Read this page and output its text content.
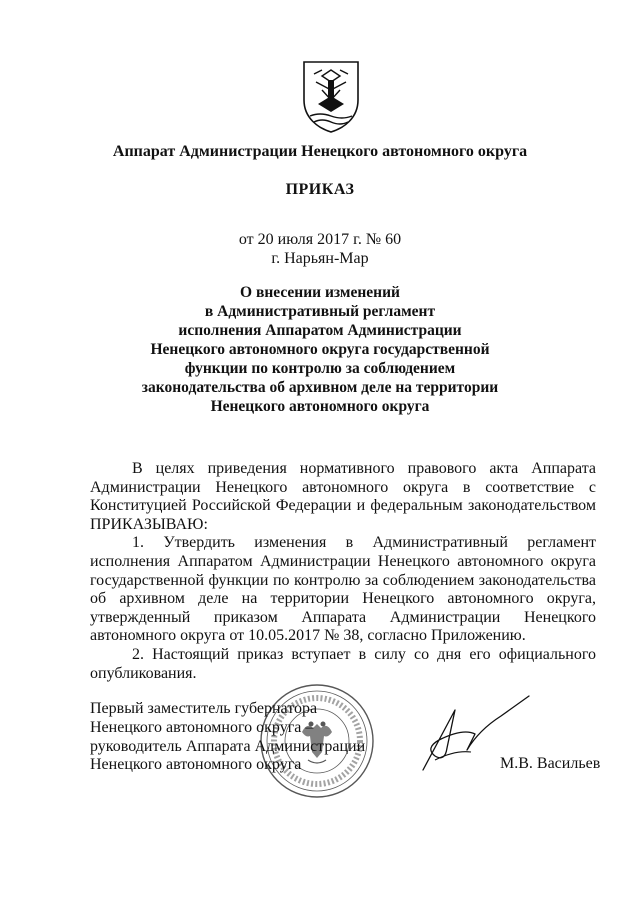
Аппарат Администрации Ненецкого автономного округа
ПРИКАЗ
от 20 июля 2017 г. № 60
г. Нарьян-Мар
О внесении изменений
в Административный регламент
исполнения Аппаратом Администрации
Ненецкого автономного округа государственной
функции по контролю за соблюдением
законодательства об архивном деле на территории
Ненецкого автономного округа

В целях приведения нормативного правового акта Аппарата Администрации Ненецкого автономного округа в соответствие с Конституцией Российской Федерации и федеральным законодательством ПРИКАЗЫВАЮ:

1. Утвердить изменения в Административный регламент исполнения Аппаратом Администрации Ненецкого автономного округа государственной функции по контролю за соблюдением законодательства об архивном деле на территории Ненецкого автономного округа, утвержденный приказом Аппарата Администрации Ненецкого автономного округа от 10.05.2017 № 38, согласно Приложению.

2. Настоящий приказ вступает в силу со дня его официального опубликования.

Первый заместитель губернатора
Ненецкого автономного округа –
руководитель Аппарата Администрации
Ненецкого автономного округа	М.В. Васильев
